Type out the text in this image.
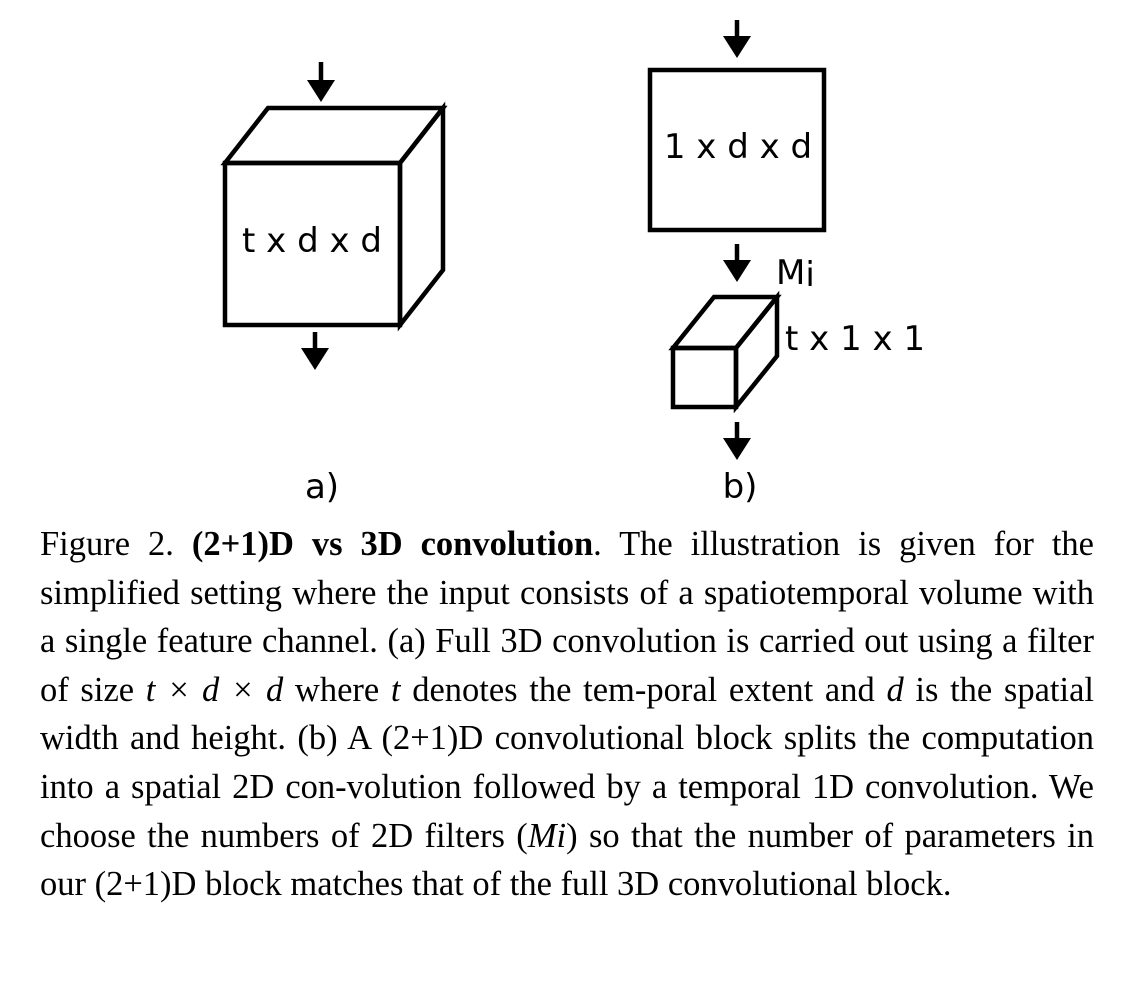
t x d x d
a)
1 x d x d
Mi
t x 1 x 1
b)

Figure 2. (2+1)D vs 3D convolution. The illustration is given for the simplified setting where the input consists of a spatiotemporal volume with a single feature channel. (a) Full 3D convolution is carried out using a filter of size t × d × d where t denotes the tem-poral extent and d is the spatial width and height. (b) A (2+1)D convolutional block splits the computation into a spatial 2D con-volution followed by a temporal 1D convolution. We choose the numbers of 2D filters (Mi) so that the number of parameters in our (2+1)D block matches that of the full 3D convolutional block.
